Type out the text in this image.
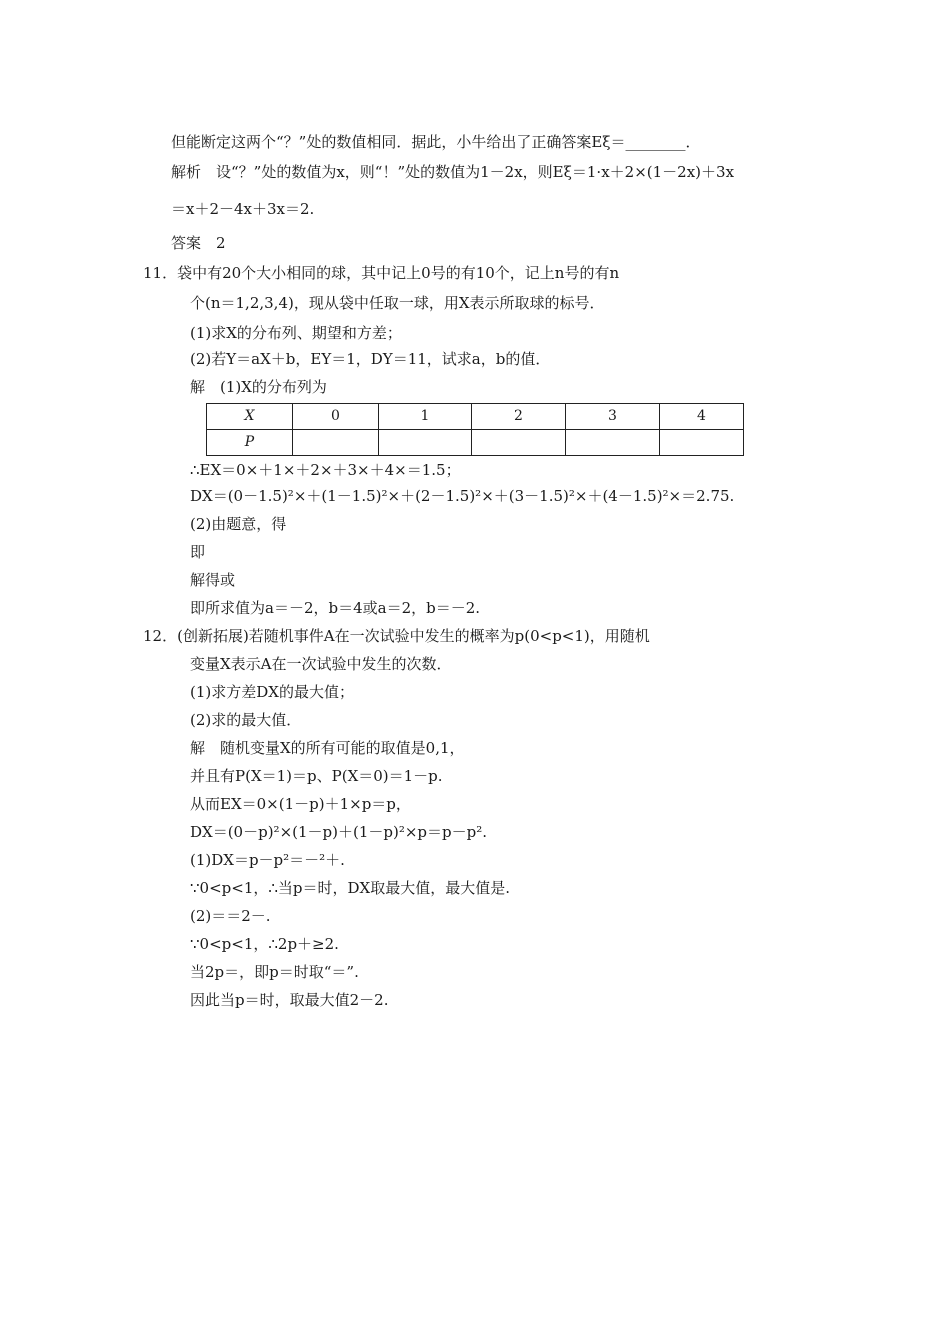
但能断定这两个“？”处的数值相同．据此，小牛给出了正确答案Eξ＝________．
解析　设“？”处的数值为x，则“！”处的数值为1－2x，则Eξ＝1·x＋2×(1－2x)＋3x
＝x＋2－4x＋3x＝2.
答案　2
11．袋中有20个大小相同的球，其中记上0号的有10个，记上n号的有n
个(n＝1,2,3,4)，现从袋中任取一球，用X表示所取球的标号．
(1)求X的分布列、期望和方差；
(2)若Y＝aX＋b，EY＝1，DY＝11，试求a，b的值．
解　(1)X的分布列为
X	0	1	2	3	4
P					
∴EX＝0×＋1×＋2×＋3×＋4×＝1.5；
DX＝(0－1.5)²×＋(1－1.5)²×＋(2－1.5)²×＋(3－1.5)²×＋(4－1.5)²×＝2.75.
(2)由题意，得
即
解得或
即所求值为a＝－2，b＝4或a＝2，b＝－2.
12．(创新拓展)若随机事件A在一次试验中发生的概率为p(0<p<1)，用随机
变量X表示A在一次试验中发生的次数．
(1)求方差DX的最大值；
(2)求的最大值．
解　随机变量X的所有可能的取值是0,1，
并且有P(X＝1)＝p、P(X＝0)＝1－p.
从而EX＝0×(1－p)＋1×p＝p，
DX＝(0－p)²×(1－p)＋(1－p)²×p＝p－p².
(1)DX＝p－p²＝－²＋.
∵0<p<1，∴当p＝时，DX取最大值，最大值是.
(2)＝＝2－.
∵0<p<1，∴2p＋≥2.
当2p＝，即p＝时取“＝”.
因此当p＝时，取最大值2－2.
